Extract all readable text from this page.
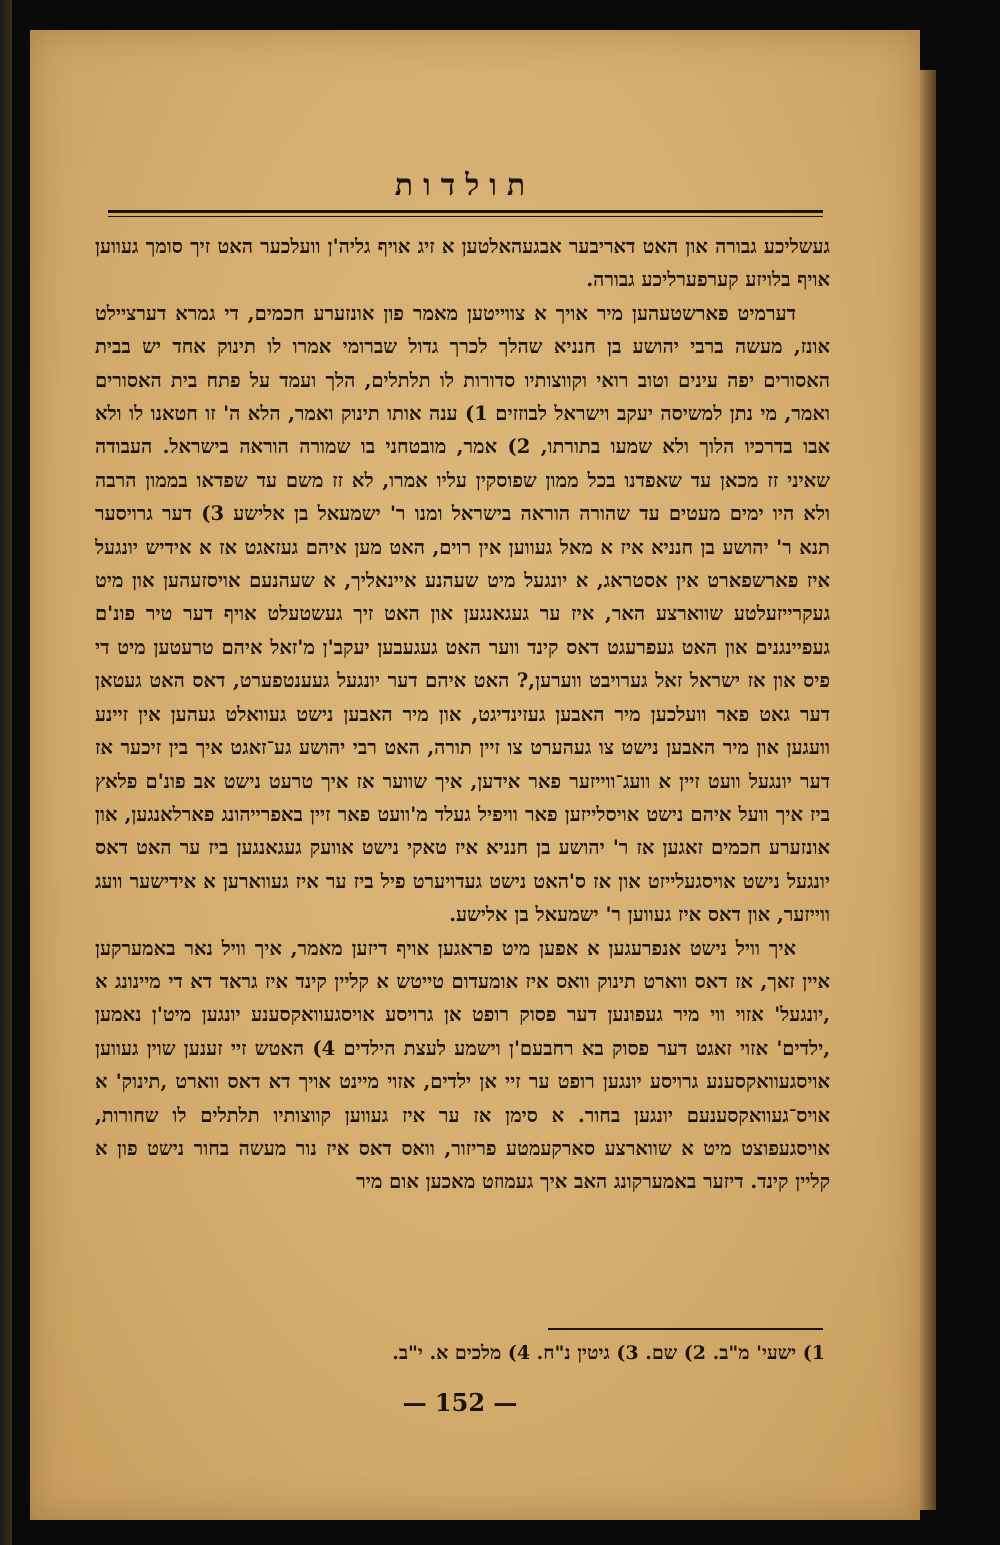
תולדות

געשליכע גבורה און האט דאריבער אבגעהאלטען א זיג אויף גליה'ן וועלכער האט זיך סומך געווען אויף בלויזע קערפערליכע גבורה.

דערמיט פארשטעהען מיר אויך א צווייטען מאמר פון אונזערע חכמים, די גמרא דערציילט אונז, מעשה ברבי יהושע בן חנניא שהלך לכרך גדול שברומי אמרו לו תינוק אחד יש בבית האסורים יפה עינים וטוב רואי וקווצותיו סדורות לו תלתלים, הלך ועמד על פתח בית האסורים ואמר, מי נתן למשיסה יעקב וישראל לבוזזים 1) ענה אותו תינוק ואמר, הלא ה' זו חטאנו לו ולא אבו בדרכיו הלוך ולא שמעו בתורתו, 2) אמר, מובטחני בו שמורה הוראה בישראל. העבודה שאיני זז מכאן עד שאפדנו בכל ממון שפוסקין עליו אמרו, לא זז משם עד שפדאו בממון הרבה ולא היו ימים מעטים עד שהורה הוראה בישראל ומנו ר' ישמעאל בן אלישע 3) דער גרויסער תנא ר' יהושע בן חנניא איז א מאל געווען אין רוים, האט מען איהם געזאגט אז א אידיש יונגעל איז פארשפארט אין אסטראג, א יונגעל מיט שעהנע איינאליך, א שעהנעם אויסזעהען און מיט געקרייזעלטע שווארצע האר, איז ער געגאנגען און האט זיך געשטעלט אויף דער טיר פונ'ם געפיינגנים און האט געפרעגט דאס קינד ווער האט געגעבען יעקב'ן מ'זאל איהם טרעטען מיט די פיס און אז ישראל זאל גערויבט ווערען,? האט איהם דער יונגעל געענטפערט, דאס האט געטאן דער גאט פאר וועלכען מיר האבען געזינדיגט, און מיר האבען נישט געוואלט געהען אין זיינע וועגען און מיר האבען נישט צו געהערט צו זיין תורה, האט רבי יהושע גע־זאגט איך בין זיכער אז דער יונגעל וועט זיין א וועג־ווייזער פאר אידען, איך שווער אז איך טרעט נישט אב פונ'ם פלאץ ביז איך וועל איהם נישט אויסלייזען פאר וויפיל געלד מ'וועט פאר זיין באפרייהונג פארלאנגען, און אונזערע חכמים זאגען אז ר' יהושע בן חנניא איז טאקי נישט אוועק געגאנגען ביז ער האט דאס יונגעל נישט אויסגעלייזט און אז ס'האט נישט געדויערט פיל ביז ער איז געווארען א אידישער וועג ווייזער, און דאס איז געווען ר' ישמעאל בן אלישע.

איך וויל נישט אנפרעגען א אפען מיט פראגען אויף דיזען מאמר, איך וויל נאר באמערקען איין זאך, אז דאס ווארט תינוק וואס איז אומעדום טייטש א קליין קינד איז גראד דא די מיינונג א ,יונגעל' אזוי ווי מיר געפונען דער פסוק רופט אן גרויסע אויסגעוואקסענע יונגען מיט'ן נאמען ,ילדים' אזוי זאגט דער פסוק בא רחבעם'ן וישמע לעצת הילדים 4) האטש זיי זענען שוין געווען אויסגעוואקסענע גרויסע יונגען רופט ער זיי אן ילדים, אזוי מיינט אויך דא דאס ווארט ,תינוק' א אויס־געוואקסענעם יונגען בחור. א סימן אז ער איז געווען קווצותיו תלתלים לו שחורות, אויסגעפוצט מיט א שווארצע סארקעמטע פריזור, וואס דאס איז נור מעשה בחור נישט פון א קליין קינד. דיזער באמערקונג האב איך געמוזט מאכען אום מיר

1) ישעי' מ"ב. 2) שם. 3) גיטין נ"ח. 4) מלכים א. י"ב.
— 152 —
